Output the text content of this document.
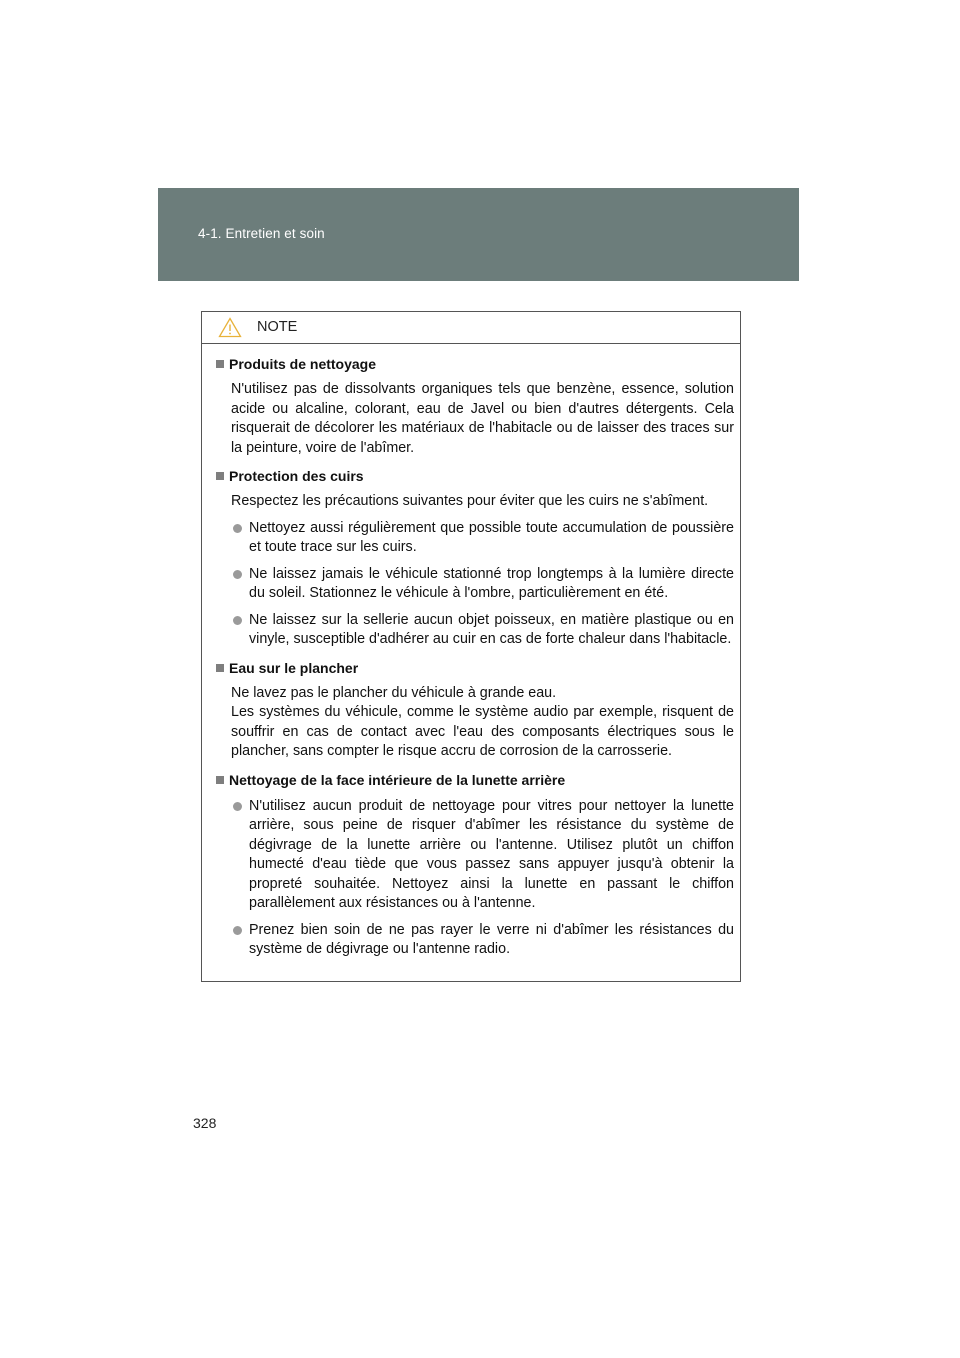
4-1. Entretien et soin
NOTE
Produits de nettoyage
N'utilisez pas de dissolvants organiques tels que benzène, essence, solution acide ou alcaline, colorant, eau de Javel ou bien d'autres détergents. Cela risquerait de décolorer les matériaux de l'habitacle ou de laisser des traces sur la peinture, voire de l'abîmer.
Protection des cuirs
Respectez les précautions suivantes pour éviter que les cuirs ne s'abîment.
Nettoyez aussi régulièrement que possible toute accumulation de poussière et toute trace sur les cuirs.
Ne laissez jamais le véhicule stationné trop longtemps à la lumière directe du soleil. Stationnez le véhicule à l'ombre, particulièrement en été.
Ne laissez sur la sellerie aucun objet poisseux, en matière plastique ou en vinyle, susceptible d'adhérer au cuir en cas de forte chaleur dans l'habitacle.
Eau sur le plancher
Ne lavez pas le plancher du véhicule à grande eau.
Les systèmes du véhicule, comme le système audio par exemple, risquent de souffrir en cas de contact avec l'eau des composants électriques sous le plancher, sans compter le risque accru de corrosion de la carrosserie.
Nettoyage de la face intérieure de la lunette arrière
N'utilisez aucun produit de nettoyage pour vitres pour nettoyer la lunette arrière, sous peine de risquer d'abîmer les résistance du système de dégivrage de la lunette arrière ou l'antenne. Utilisez plutôt un chiffon humecté d'eau tiède que vous passez sans appuyer jusqu'à obtenir la propreté souhaitée. Nettoyez ainsi la lunette en passant le chiffon parallèlement aux résistances ou à l'antenne.
Prenez bien soin de ne pas rayer le verre ni d'abîmer les résistances du système de dégivrage ou l'antenne radio.
328
